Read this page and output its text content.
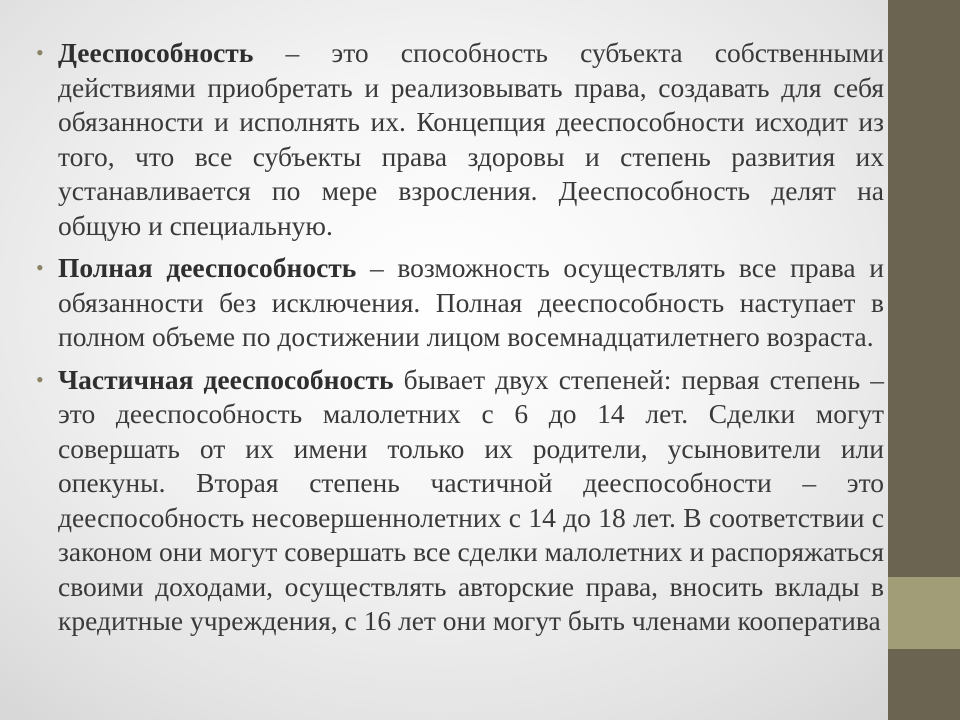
• Дееспособность – это способность субъекта собственными действиями приобретать и реализовывать права, создавать для себя обязанности и исполнять их. Концепция дееспособности исходит из того, что все субъекты права здоровы и степень развития их устанавливается по мере взросления. Дееспособность делят на общую и специальную.
• Полная дееспособность – возможность осуществлять все права и обязанности без исключения. Полная дееспособность наступает в полном объеме по достижении лицом восемнадцатилетнего возраста.
• Частичная дееспособность бывает двух степеней: первая степень – это дееспособность малолетних с 6 до 14 лет. Сделки могут совершать от их имени только их родители, усыновители или опекуны. Вторая степень частичной дееспособности – это дееспособность несовершеннолетних с 14 до 18 лет. В соответствии с законом они могут совершать все сделки малолетних и распоряжаться своими доходами, осуществлять авторские права, вносить вклады в кредитные учреждения, с 16 лет они могут быть членами кооператива
